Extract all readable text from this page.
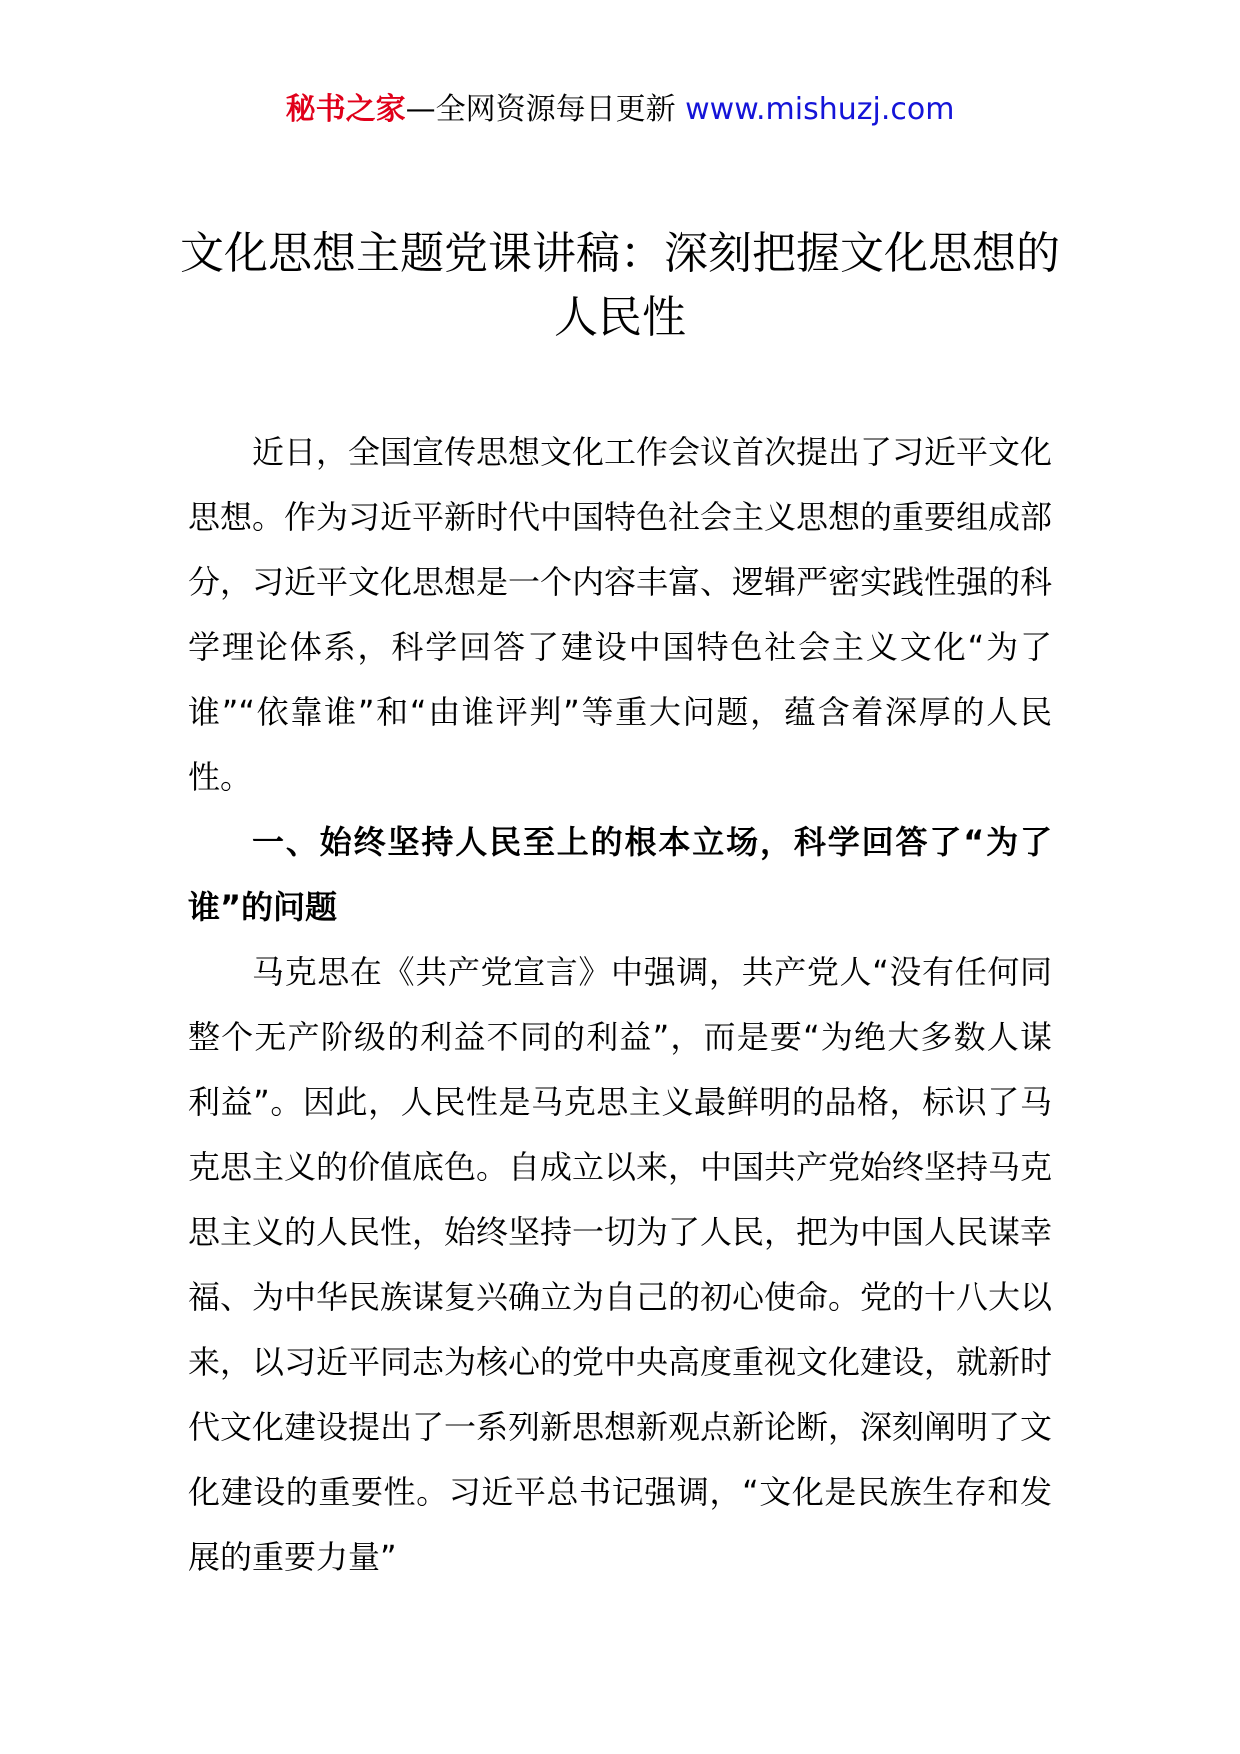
秘书之家—全网资源每日更新 www.mishuzj.com
文化思想主题党课讲稿：深刻把握文化思想的人民性

近日，全国宣传思想文化工作会议首次提出了习近平文化思想。作为习近平新时代中国特色社会主义思想的重要组成部分，习近平文化思想是一个内容丰富、逻辑严密实践性强的科学理论体系，科学回答了建设中国特色社会主义文化“为了谁”“依靠谁”和“由谁评判”等重大问题，蕴含着深厚的人民性。

一、始终坚持人民至上的根本立场，科学回答了“为了谁”的问题

马克思在《共产党宣言》中强调，共产党人“没有任何同整个无产阶级的利益不同的利益”，而是要“为绝大多数人谋利益”。因此，人民性是马克思主义最鲜明的品格，标识了马克思主义的价值底色。自成立以来，中国共产党始终坚持马克思主义的人民性，始终坚持一切为了人民，把为中国人民谋幸福、为中华民族谋复兴确立为自己的初心使命。党的十八大以来，以习近平同志为核心的党中央高度重视文化建设，就新时代文化建设提出了一系列新思想新观点新论断，深刻阐明了文化建设的重要性。习近平总书记强调，“文化是民族生存和发展的重要力量”
